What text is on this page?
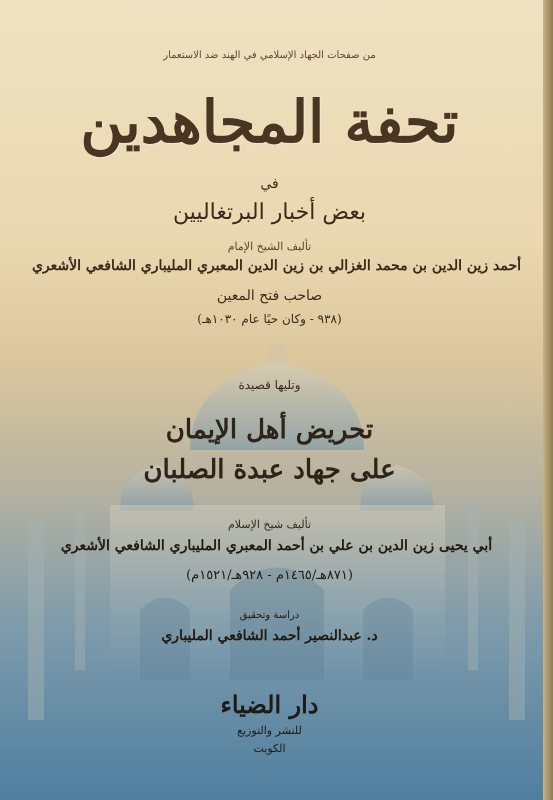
من صفحات الجهاد الإسلامي في الهند ضد الاستعمار
تحفة المجاهدين
في
بعض أخبار البرتغاليين
تأليف الشيخ الإمام
أحمد زين الدين بن محمد الغزالي بن زين الدين المعبري المليباري الشافعي الأشعري
صاحب فتح المعين
(٩٣٨ - وكان حيًا عام ١٠٣٠هـ)
وتليها قصيدة
تحريض أهل الإيمان
على جهاد عبدة الصلبان
تأليف شيخ الإسلام
أبي يحيى زين الدين بن علي بن أحمد المعبري المليباري الشافعي الأشعري
(٨٧١هـ/١٤٦٥م - ٩٢٨هـ/١٥٢١م)
دراسة وتحقيق
د. عبدالنصير أحمد الشافعي المليباري
دار الضياء
للنشر والتوزيع
الكويت
